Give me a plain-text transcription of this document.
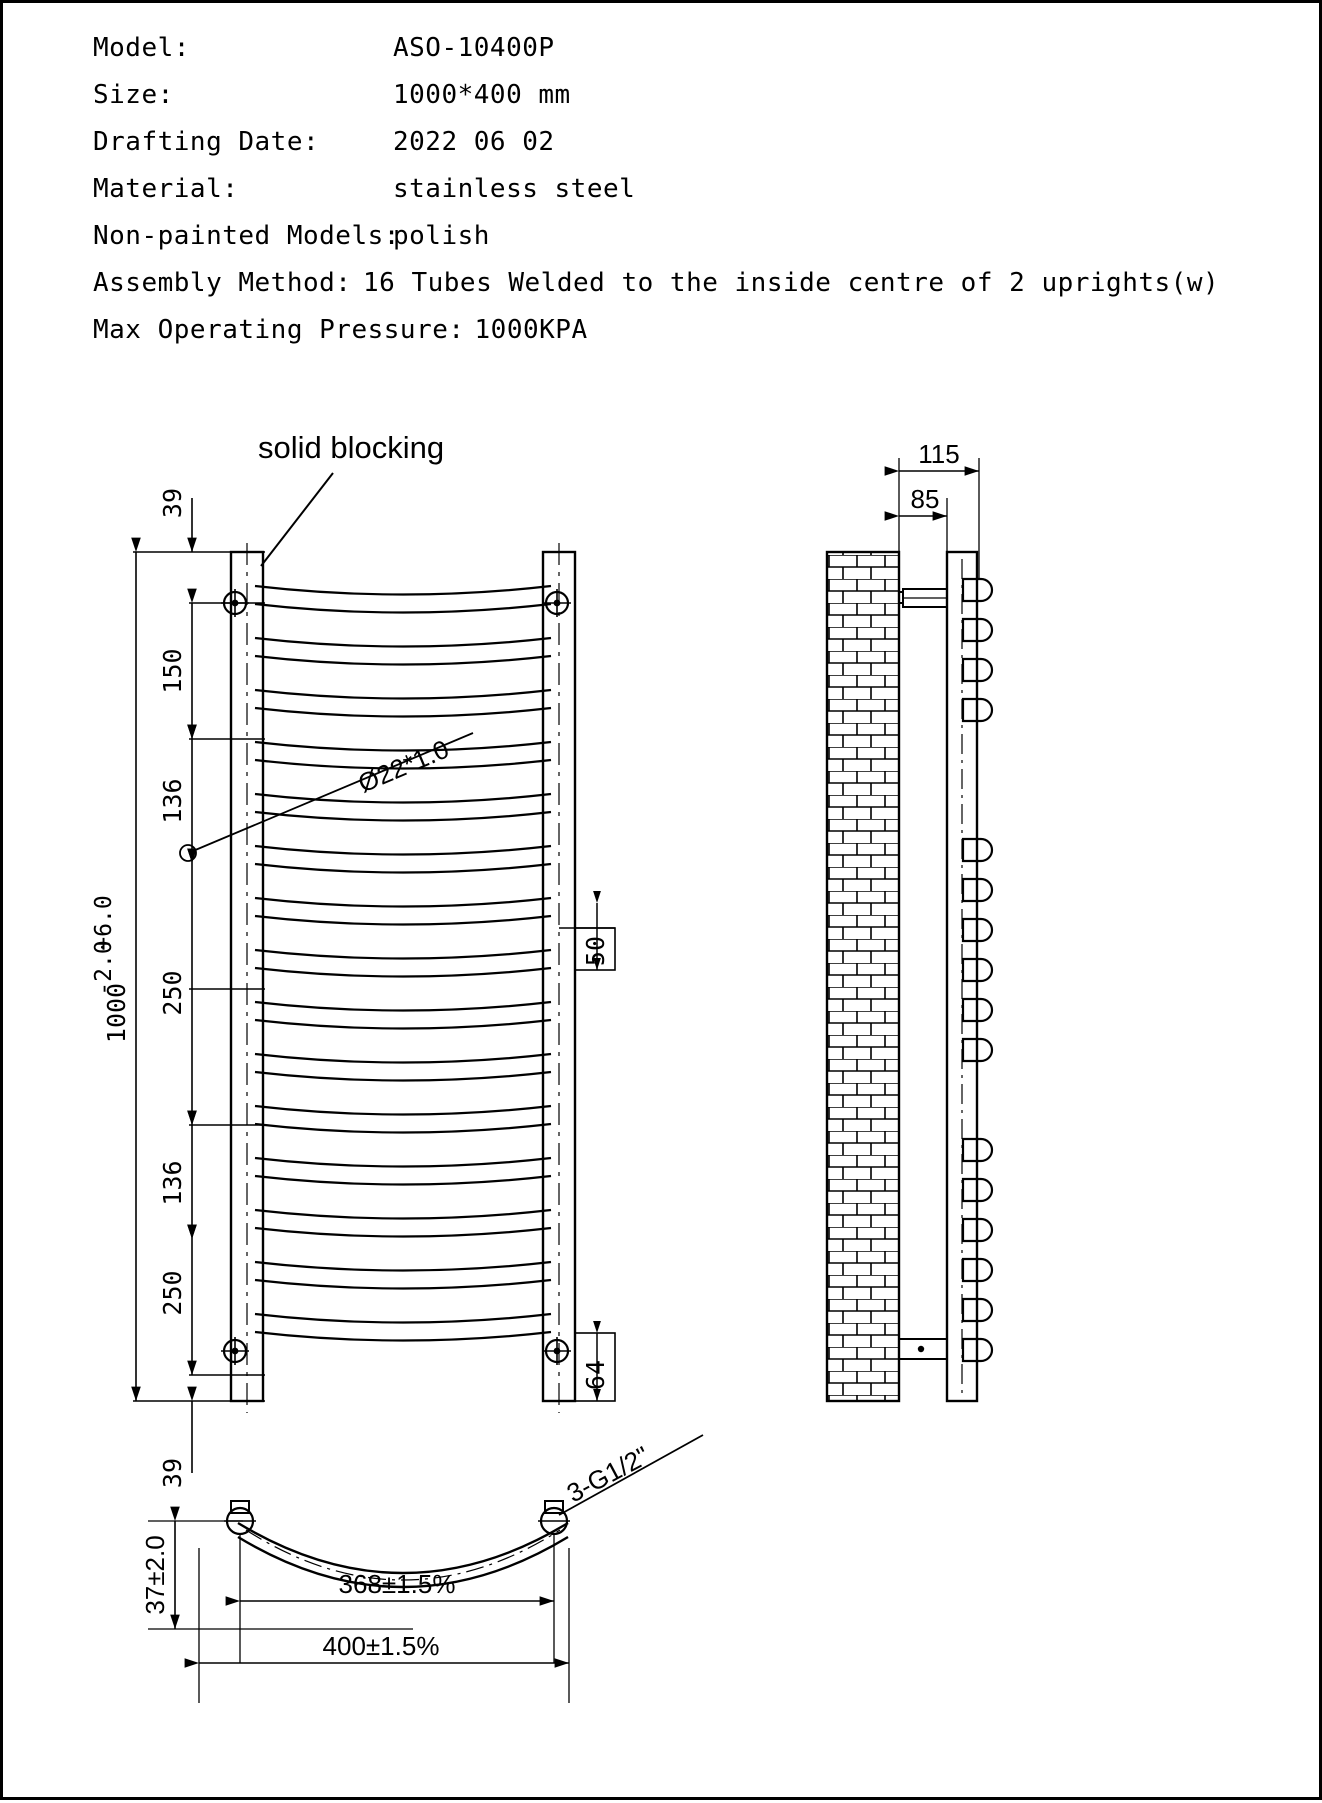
Model:	ASO-10400P
Size:	1000*400 mm
Drafting Date:	2022 06 02
Material:	stainless steel
Non-painted Models:
polish
Assembly Method: 16 Tubes Welded to the inside centre of 2 uprights(w)
Max Operating Pressure: 1000KPA
solid blocking
Ø22*1.0
1000
+6.0
-2.0
39
150
136
250
136
250
39
50
64
115
85
3-G1/2"
368±1.5%
400±1.5%
37±2.0
